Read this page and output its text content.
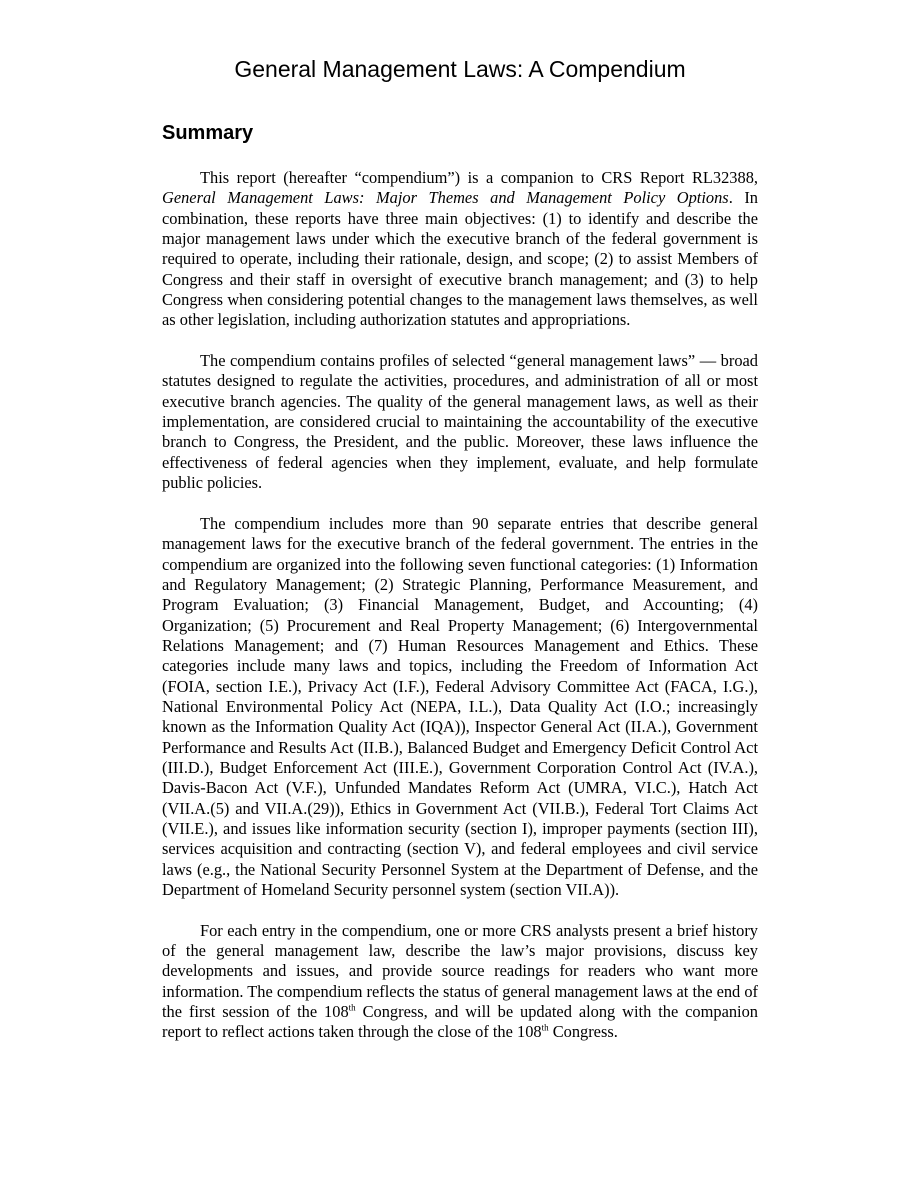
General Management Laws: A Compendium
Summary

This report (hereafter “compendium”) is a companion to CRS Report RL32388, General Management Laws: Major Themes and Management Policy Options. In combination, these reports have three main objectives: (1) to identify and describe the major management laws under which the executive branch of the federal government is required to operate, including their rationale, design, and scope; (2) to assist Members of Congress and their staff in oversight of executive branch management; and (3) to help Congress when considering potential changes to the management laws themselves, as well as other legislation, including authorization statutes and appropriations.

The compendium contains profiles of selected “general management laws” — broad statutes designed to regulate the activities, procedures, and administration of all or most executive branch agencies. The quality of the general management laws, as well as their implementation, are considered crucial to maintaining the accountability of the executive branch to Congress, the President, and the public. Moreover, these laws influence the effectiveness of federal agencies when they implement, evaluate, and help formulate public policies.

The compendium includes more than 90 separate entries that describe general management laws for the executive branch of the federal government. The entries in the compendium are organized into the following seven functional categories: (1) Information and Regulatory Management; (2) Strategic Planning, Performance Measurement, and Program Evaluation; (3) Financial Management, Budget, and Accounting; (4) Organization; (5) Procurement and Real Property Management; (6) Intergovernmental Relations Management; and (7) Human Resources Management and Ethics. These categories include many laws and topics, including the Freedom of Information Act (FOIA, section I.E.), Privacy Act (I.F.), Federal Advisory Committee Act (FACA, I.G.), National Environmental Policy Act (NEPA, I.L.), Data Quality Act (I.O.; increasingly known as the Information Quality Act (IQA)), Inspector General Act (II.A.), Government Performance and Results Act (II.B.), Balanced Budget and Emergency Deficit Control Act (III.D.), Budget Enforcement Act (III.E.), Government Corporation Control Act (IV.A.), Davis-Bacon Act (V.F.), Unfunded Mandates Reform Act (UMRA, VI.C.), Hatch Act (VII.A.(5) and VII.A.(29)), Ethics in Government Act (VII.B.), Federal Tort Claims Act (VII.E.), and issues like information security (section I), improper payments (section III), services acquisition and contracting (section V), and federal employees and civil service laws (e.g., the National Security Personnel System at the Department of Defense, and the Department of Homeland Security personnel system (section VII.A)).

For each entry in the compendium, one or more CRS analysts present a brief history of the general management law, describe the law’s major provisions, discuss key developments and issues, and provide source readings for readers who want more information. The compendium reflects the status of general management laws at the end of the first session of the 108th Congress, and will be updated along with the companion report to reflect actions taken through the close of the 108th Congress.
